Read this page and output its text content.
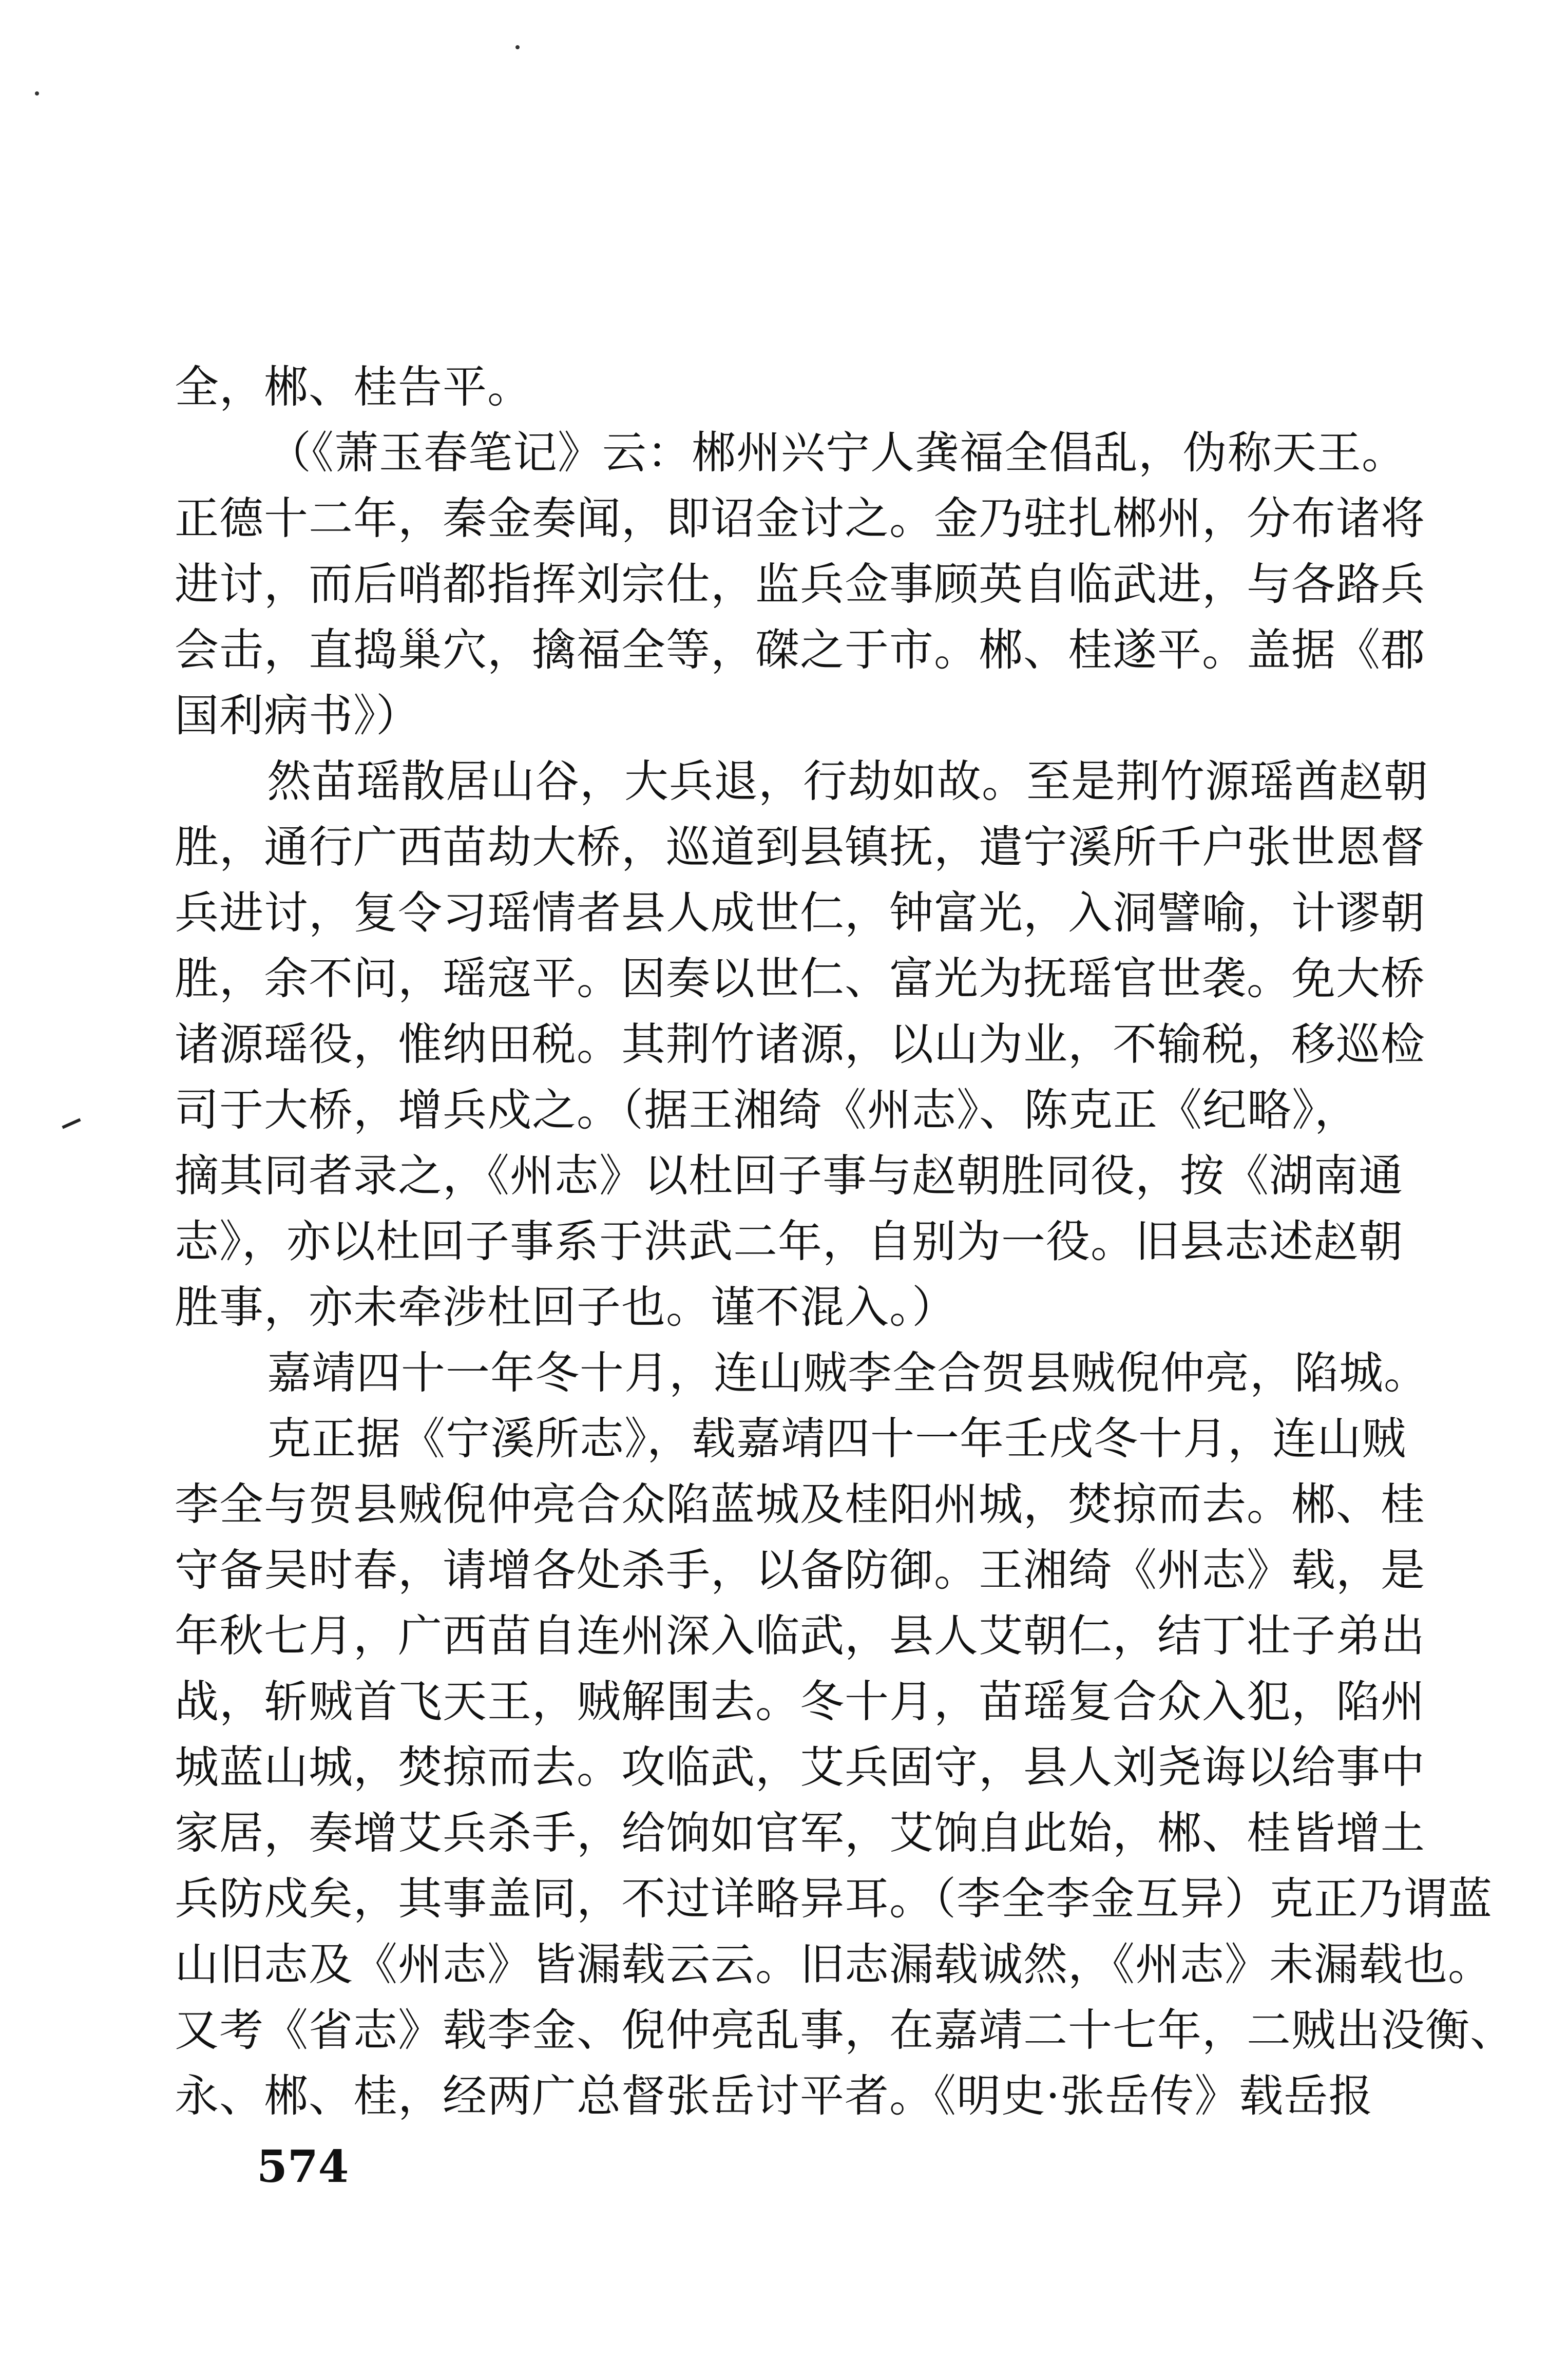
全，郴、桂告平。
（《萧玉春笔记》云：郴州兴宁人龚福全倡乱，伪称天王。
正德十二年，秦金奏闻，即诏金讨之。金乃驻扎郴州，分布诸将
进讨，而后哨都指挥刘宗仕，监兵佥事顾英自临武进，与各路兵
会击，直捣巢穴，擒福全等，磔之于市。郴、桂遂平。盖据《郡
国利病书》）
然苗瑶散居山谷，大兵退，行劫如故。至是荆竹源瑶酋赵朝
胜，通行广西苗劫大桥，巡道到县镇抚，遣宁溪所千户张世恩督
兵进讨，复令习瑶情者县人成世仁，钟富光，入洞譬喻，计谬朝
胜，余不问，瑶寇平。因奏以世仁、富光为抚瑶官世袭。免大桥
诸源瑶役，惟纳田税。其荆竹诸源，以山为业，不输税，移巡检
司于大桥，增兵戍之。（据王湘绮《州志》、陈克正《纪略》，
摘其同者录之，《州志》以杜回子事与赵朝胜同役，按《湖南通
志》，亦以杜回子事系于洪武二年，自别为一役。旧县志述赵朝
胜事，亦未牵涉杜回子也。谨不混入。）
嘉靖四十一年冬十月，连山贼李全合贺县贼倪仲亮，陷城。
克正据《宁溪所志》，载嘉靖四十一年壬戌冬十月，连山贼
李全与贺县贼倪仲亮合众陷蓝城及桂阳州城，焚掠而去。郴、桂
守备吴时春，请增各处杀手，以备防御。王湘绮《州志》载，是
年秋七月，广西苗自连州深入临武，县人艾朝仁，结丁壮子弟出
战，斩贼首飞天王，贼解围去。冬十月，苗瑶复合众入犯，陷州
城蓝山城，焚掠而去。攻临武，艾兵固守，县人刘尧诲以给事中
家居，奏增艾兵杀手，给饷如官军，艾饷自此始，郴、桂皆增土
兵防戍矣，其事盖同，不过详略异耳。（李全李金互异）克正乃谓蓝
山旧志及《州志》皆漏载云云。旧志漏载诚然，《州志》未漏载也。
又考《省志》载李金、倪仲亮乱事，在嘉靖二十七年，二贼出没衡、
永、郴、桂，经两广总督张岳讨平者。《明史·张岳传》载岳报
574
